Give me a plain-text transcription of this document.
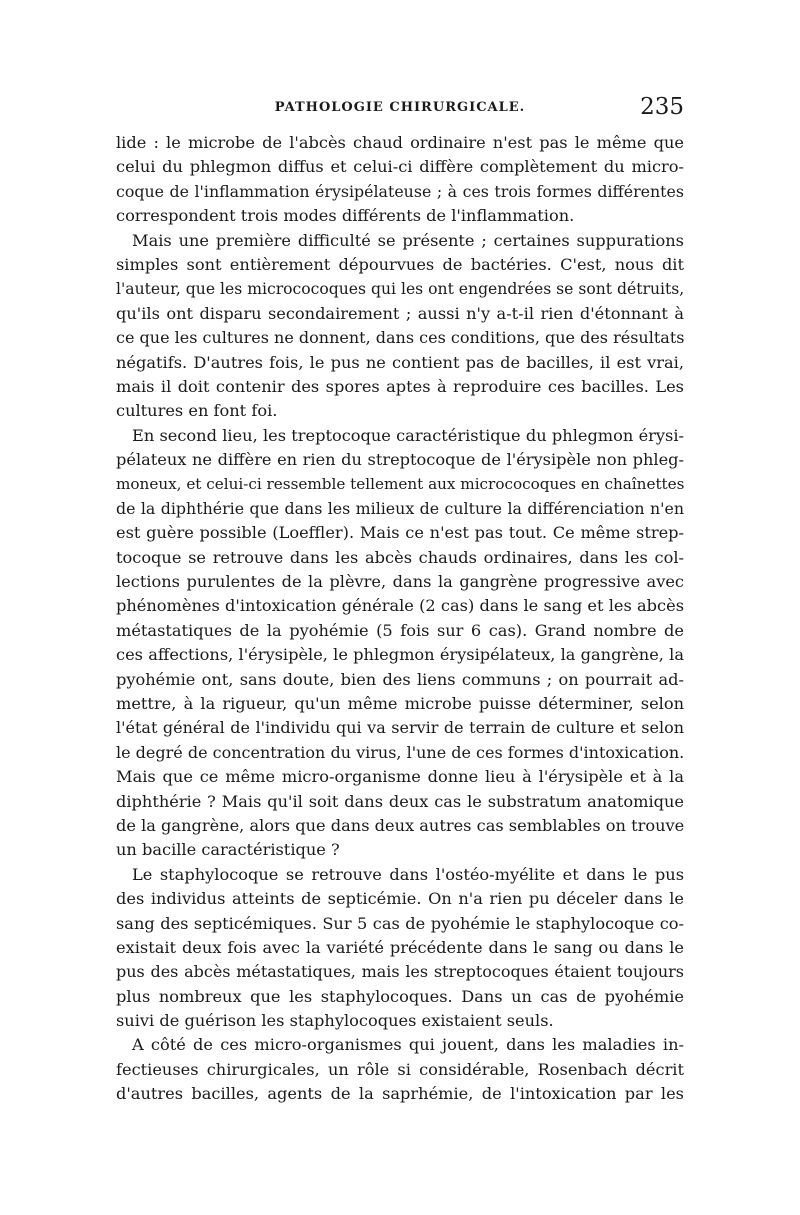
PATHOLOGIE CHIRURGICALE.	235
lide : le microbe de l'abcès chaud ordinaire n'est pas le même que
celui du phlegmon diffus et celui-ci diffère complètement du micro-
coque de l'inflammation érysipélateuse ; à ces trois formes différentes
correspondent trois modes différents de l'inflammation.
Mais une première difficulté se présente ; certaines suppurations
simples sont entièrement dépourvues de bactéries. C'est, nous dit
l'auteur, que les micrococoques qui les ont engendrées se sont détruits,
qu'ils ont disparu secondairement ; aussi n'y a-t-il rien d'étonnant à
ce que les cultures ne donnent, dans ces conditions, que des résultats
négatifs. D'autres fois, le pus ne contient pas de bacilles, il est vrai,
mais il doit contenir des spores aptes à reproduire ces bacilles. Les
cultures en font foi.
En second lieu, les treptocoque caractéristique du phlegmon érysi-
pélateux ne diffère en rien du streptocoque de l'érysipèle non phleg-
moneux, et celui-ci ressemble tellement aux micrococoques en chaînettes
de la diphthérie que dans les milieux de culture la différenciation n'en
est guère possible (Loeffler). Mais ce n'est pas tout. Ce même strep-
tocoque se retrouve dans les abcès chauds ordinaires, dans les col-
lections purulentes de la plèvre, dans la gangrène progressive avec
phénomènes d'intoxication générale (2 cas) dans le sang et les abcès
métastatiques de la pyohémie (5 fois sur 6 cas). Grand nombre de
ces affections, l'érysipèle, le phlegmon érysipélateux, la gangrène, la
pyohémie ont, sans doute, bien des liens communs ; on pourrait ad-
mettre, à la rigueur, qu'un même microbe puisse déterminer, selon
l'état général de l'individu qui va servir de terrain de culture et selon
le degré de concentration du virus, l'une de ces formes d'intoxication.
Mais que ce même micro-organisme donne lieu à l'érysipèle et à la
diphthérie ? Mais qu'il soit dans deux cas le substratum anatomique
de la gangrène, alors que dans deux autres cas semblables on trouve
un bacille caractéristique ?
Le staphylocoque se retrouve dans l'ostéo-myélite et dans le pus
des individus atteints de septicémie. On n'a rien pu déceler dans le
sang des septicémiques. Sur 5 cas de pyohémie le staphylocoque co-
existait deux fois avec la variété précédente dans le sang ou dans le
pus des abcès métastatiques, mais les streptocoques étaient toujours
plus nombreux que les staphylocoques. Dans un cas de pyohémie
suivi de guérison les staphylocoques existaient seuls.
A côté de ces micro-organismes qui jouent, dans les maladies in-
fectieuses chirurgicales, un rôle si considérable, Rosenbach décrit
d'autres bacilles, agents de la saprhémie, de l'intoxication par les
